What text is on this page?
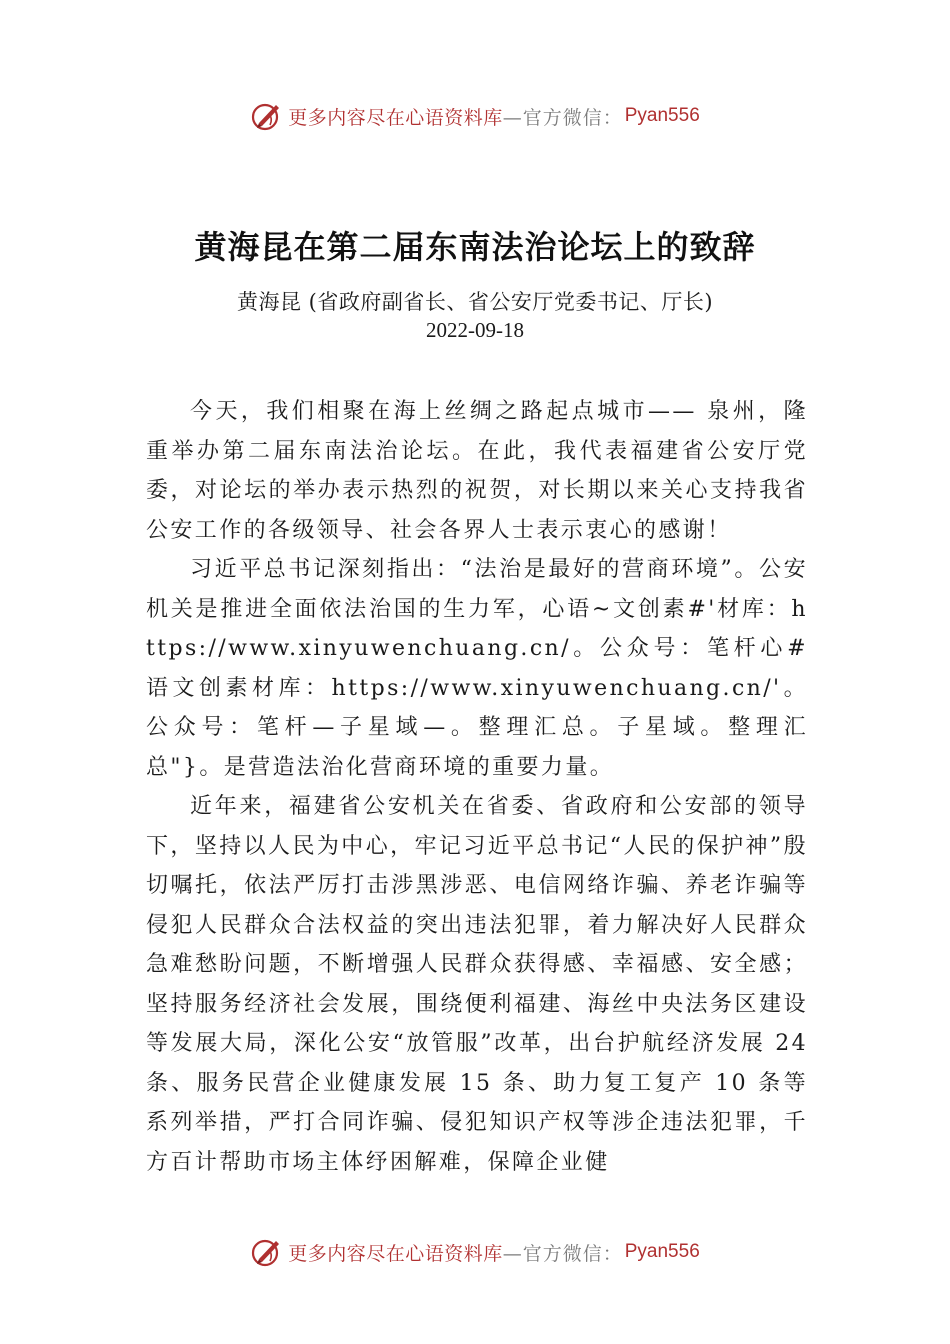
更多内容尽在心语资料库 —官方微信： Pyan556
黄海昆在第二届东南法治论坛上的致辞
黄海昆 (省政府副省长、省公安厅党委书记、厅长)
2022-09-18

今天，我们相聚在海上丝绸之路起点城市—— 泉州，隆重举办第二届东南法治论坛。在此，我代表福建省公安厅党委，对论坛的举办表示热烈的祝贺，对长期以来关心支持我省公安工作的各级领导、社会各界人士表示衷心的感谢！

习近平总书记深刻指出：“法治是最好的营商环境”。公安机关是推进全面依法治国的生力军，心语~文创素#'材库：https://www.xinyuwenchuang.cn/。公众号：笔杆心#语文创素材库：https://www.xinyuwenchuang.cn/'。公众号：笔杆—子星域—。整理汇总。子星域。整理汇总"}。是营造法治化营商环境的重要力量。

近年来，福建省公安机关在省委、省政府和公安部的领导下，坚持以人民为中心，牢记习近平总书记“人民的保护神”殷切嘱托，依法严厉打击涉黑涉恶、电信网络诈骗、养老诈骗等侵犯人民群众合法权益的突出违法犯罪，着力解决好人民群众急难愁盼问题，不断增强人民群众获得感、幸福感、安全感；坚持服务经济社会发展，围绕便利福建、海丝中央法务区建设等发展大局，深化公安“放管服”改革，出台护航经济发展 24 条、服务民营企业健康发展 15 条、助力复工复产 10 条等系列举措，严打合同诈骗、侵犯知识产权等涉企违法犯罪，千方百计帮助市场主体纾困解难，保障企业健

更多内容尽在心语资料库 —官方微信： Pyan556
